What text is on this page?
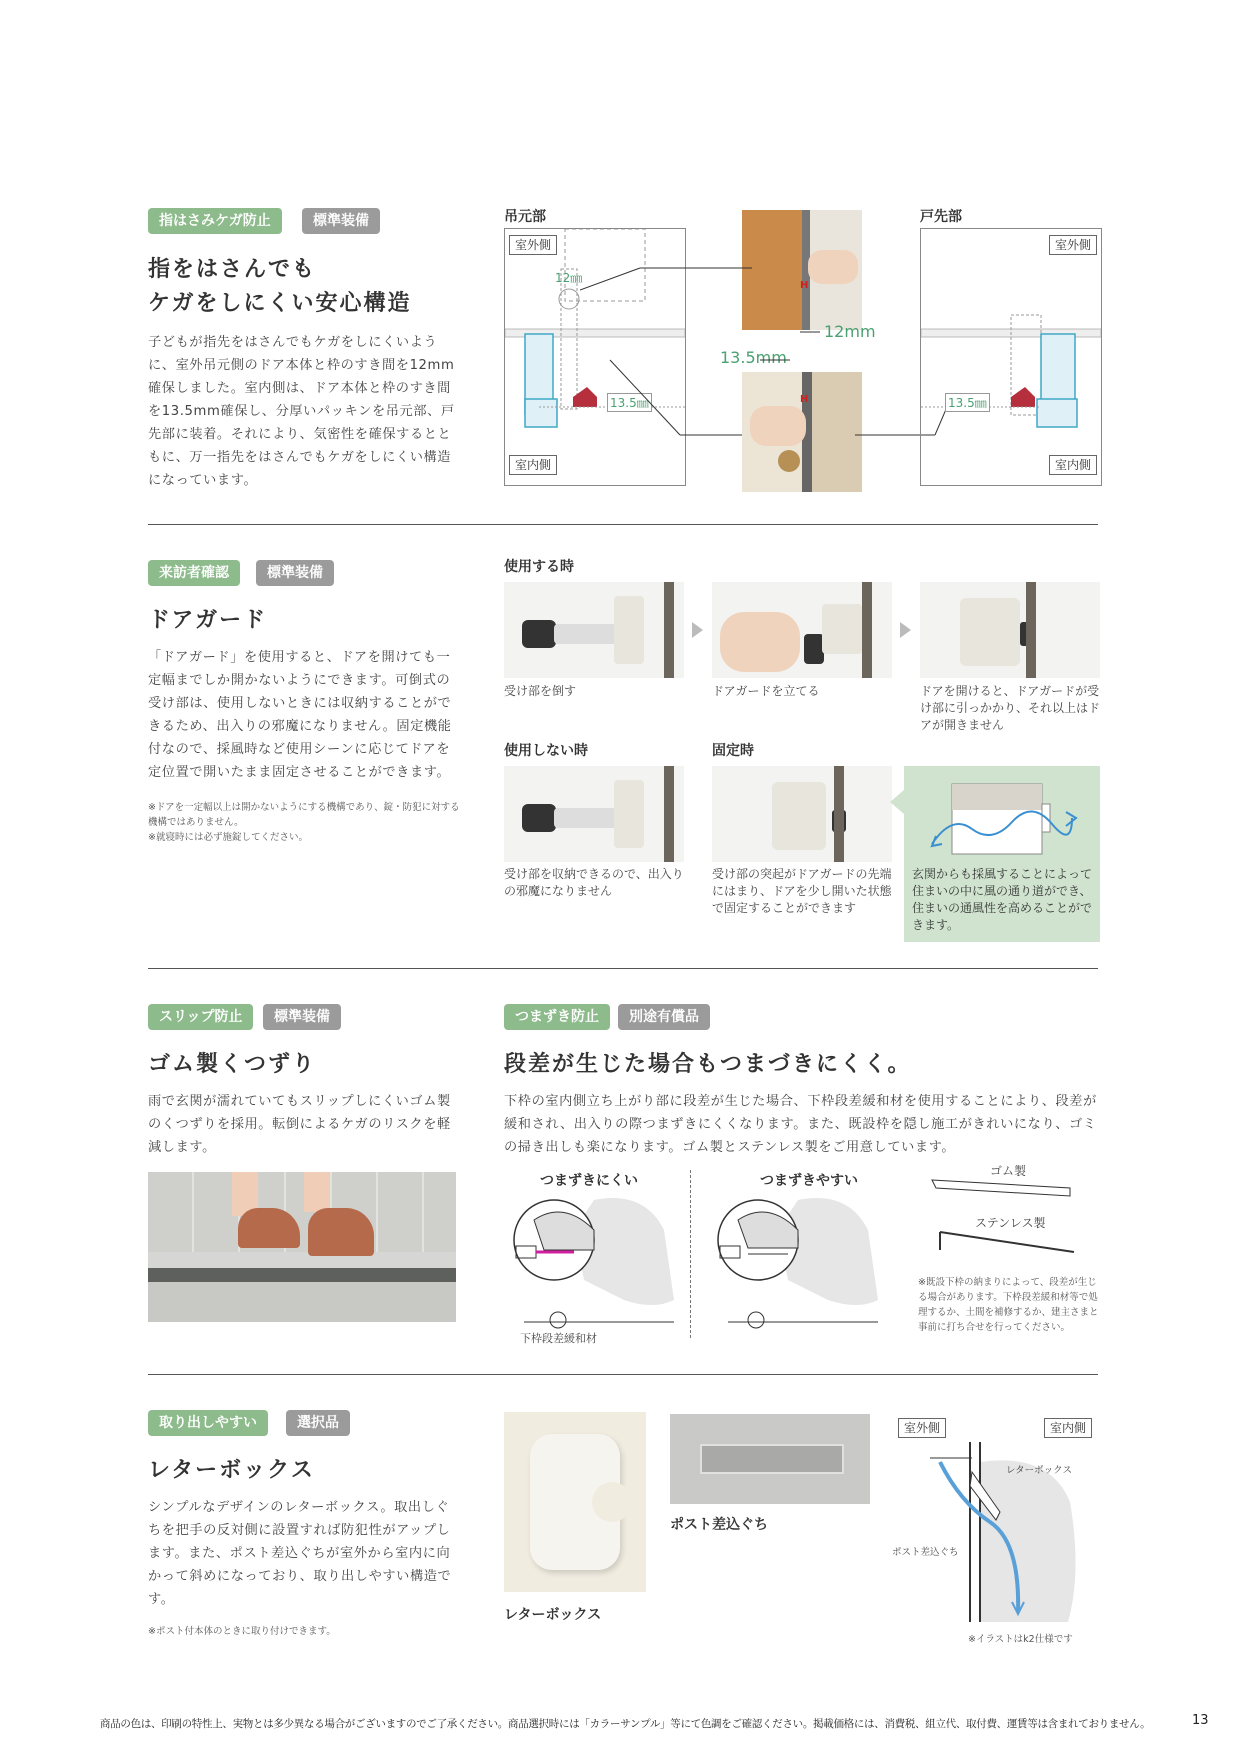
指はさみケガ防止	標準装備
指をはさんでも
ケガをしにくい安心構造
子どもが指先をはさんでもケガをしにくいように、室外吊元側のドア本体と枠のすき間を12mm確保しました。室内側は、ドア本体と枠のすき間を13.5mm確保し、分厚いパッキンを吊元部、戸先部に装着。それにより、気密性を確保するとともに、万一指先をはさんでもケガをしにくい構造になっています。
吊元部	戸先部
室外側
室内側
12㎜
13.5㎜
H
12mm
13.5mm
H
室外側
室内側
13.5㎜
来訪者確認	標準装備
ドアガード
「ドアガード」を使用すると、ドアを開けても一定幅までしか開かないようにできます。可倒式の受け部は、使用しないときには収納することができるため、出入りの邪魔になりません。固定機能付なので、採風時など使用シーンに応じてドアを定位置で開いたまま固定させることができます。
※ドアを一定幅以上は開かないようにする機構であり、錠・防犯に対する機構ではありません。
※就寝時には必ず施錠してください。
使用する時
受け部を倒す	ドアガードを立てる	ドアを開けると、ドアガードが受け部に引っかかり、それ以上はドアが開きません
使用しない時	固定時
玄関からも採風することによって住まいの中に風の通り道ができ、住まいの通風性を高めることができます。
受け部を収納できるので、出入りの邪魔になりません
受け部の突起がドアガードの先端にはまり、ドアを少し開いた状態で固定することができます
スリップ防止	標準装備
ゴム製くつずり
雨で玄関が濡れていてもスリップしにくいゴム製のくつずりを採用。転倒によるケガのリスクを軽減します。
つまずき防止	別途有償品
段差が生じた場合もつまづきにくく。
下枠の室内側立ち上がり部に段差が生じた場合、下枠段差緩和材を使用することにより、段差が緩和され、出入りの際つまずきにくくなります。また、既設枠を隠し施工がきれいになり、ゴミの掃き出しも楽になります。ゴム製とステンレス製をご用意しています。
つまずきにくい	つまずきやすい
下枠段差緩和材
ゴム製
ステンレス製
※既設下枠の納まりによって、段差が生じる場合があります。下枠段差緩和材等で処理するか、土間を補修するか、建主さまと事前に打ち合せを行ってください。
取り出しやすい	選択品
レターボックス
シンプルなデザインのレターボックス。取出しぐちを把手の反対側に設置すれば防犯性がアップします。また、ポスト差込ぐちが室外から室内に向かって斜めになっており、取り出しやすい構造です。
※ポスト付本体のときに取り付けできます。
レターボックス
ポスト差込ぐち
室外側	室内側
レターボックス
ポスト差込ぐち
※イラストはk2仕様です
商品の色は、印刷の特性上、実物とは多少異なる場合がございますのでご了承ください。商品選択時には「カラーサンプル」等にて色調をご確認ください。掲載価格には、消費税、組立代、取付費、運賃等は含まれておりません。	13
